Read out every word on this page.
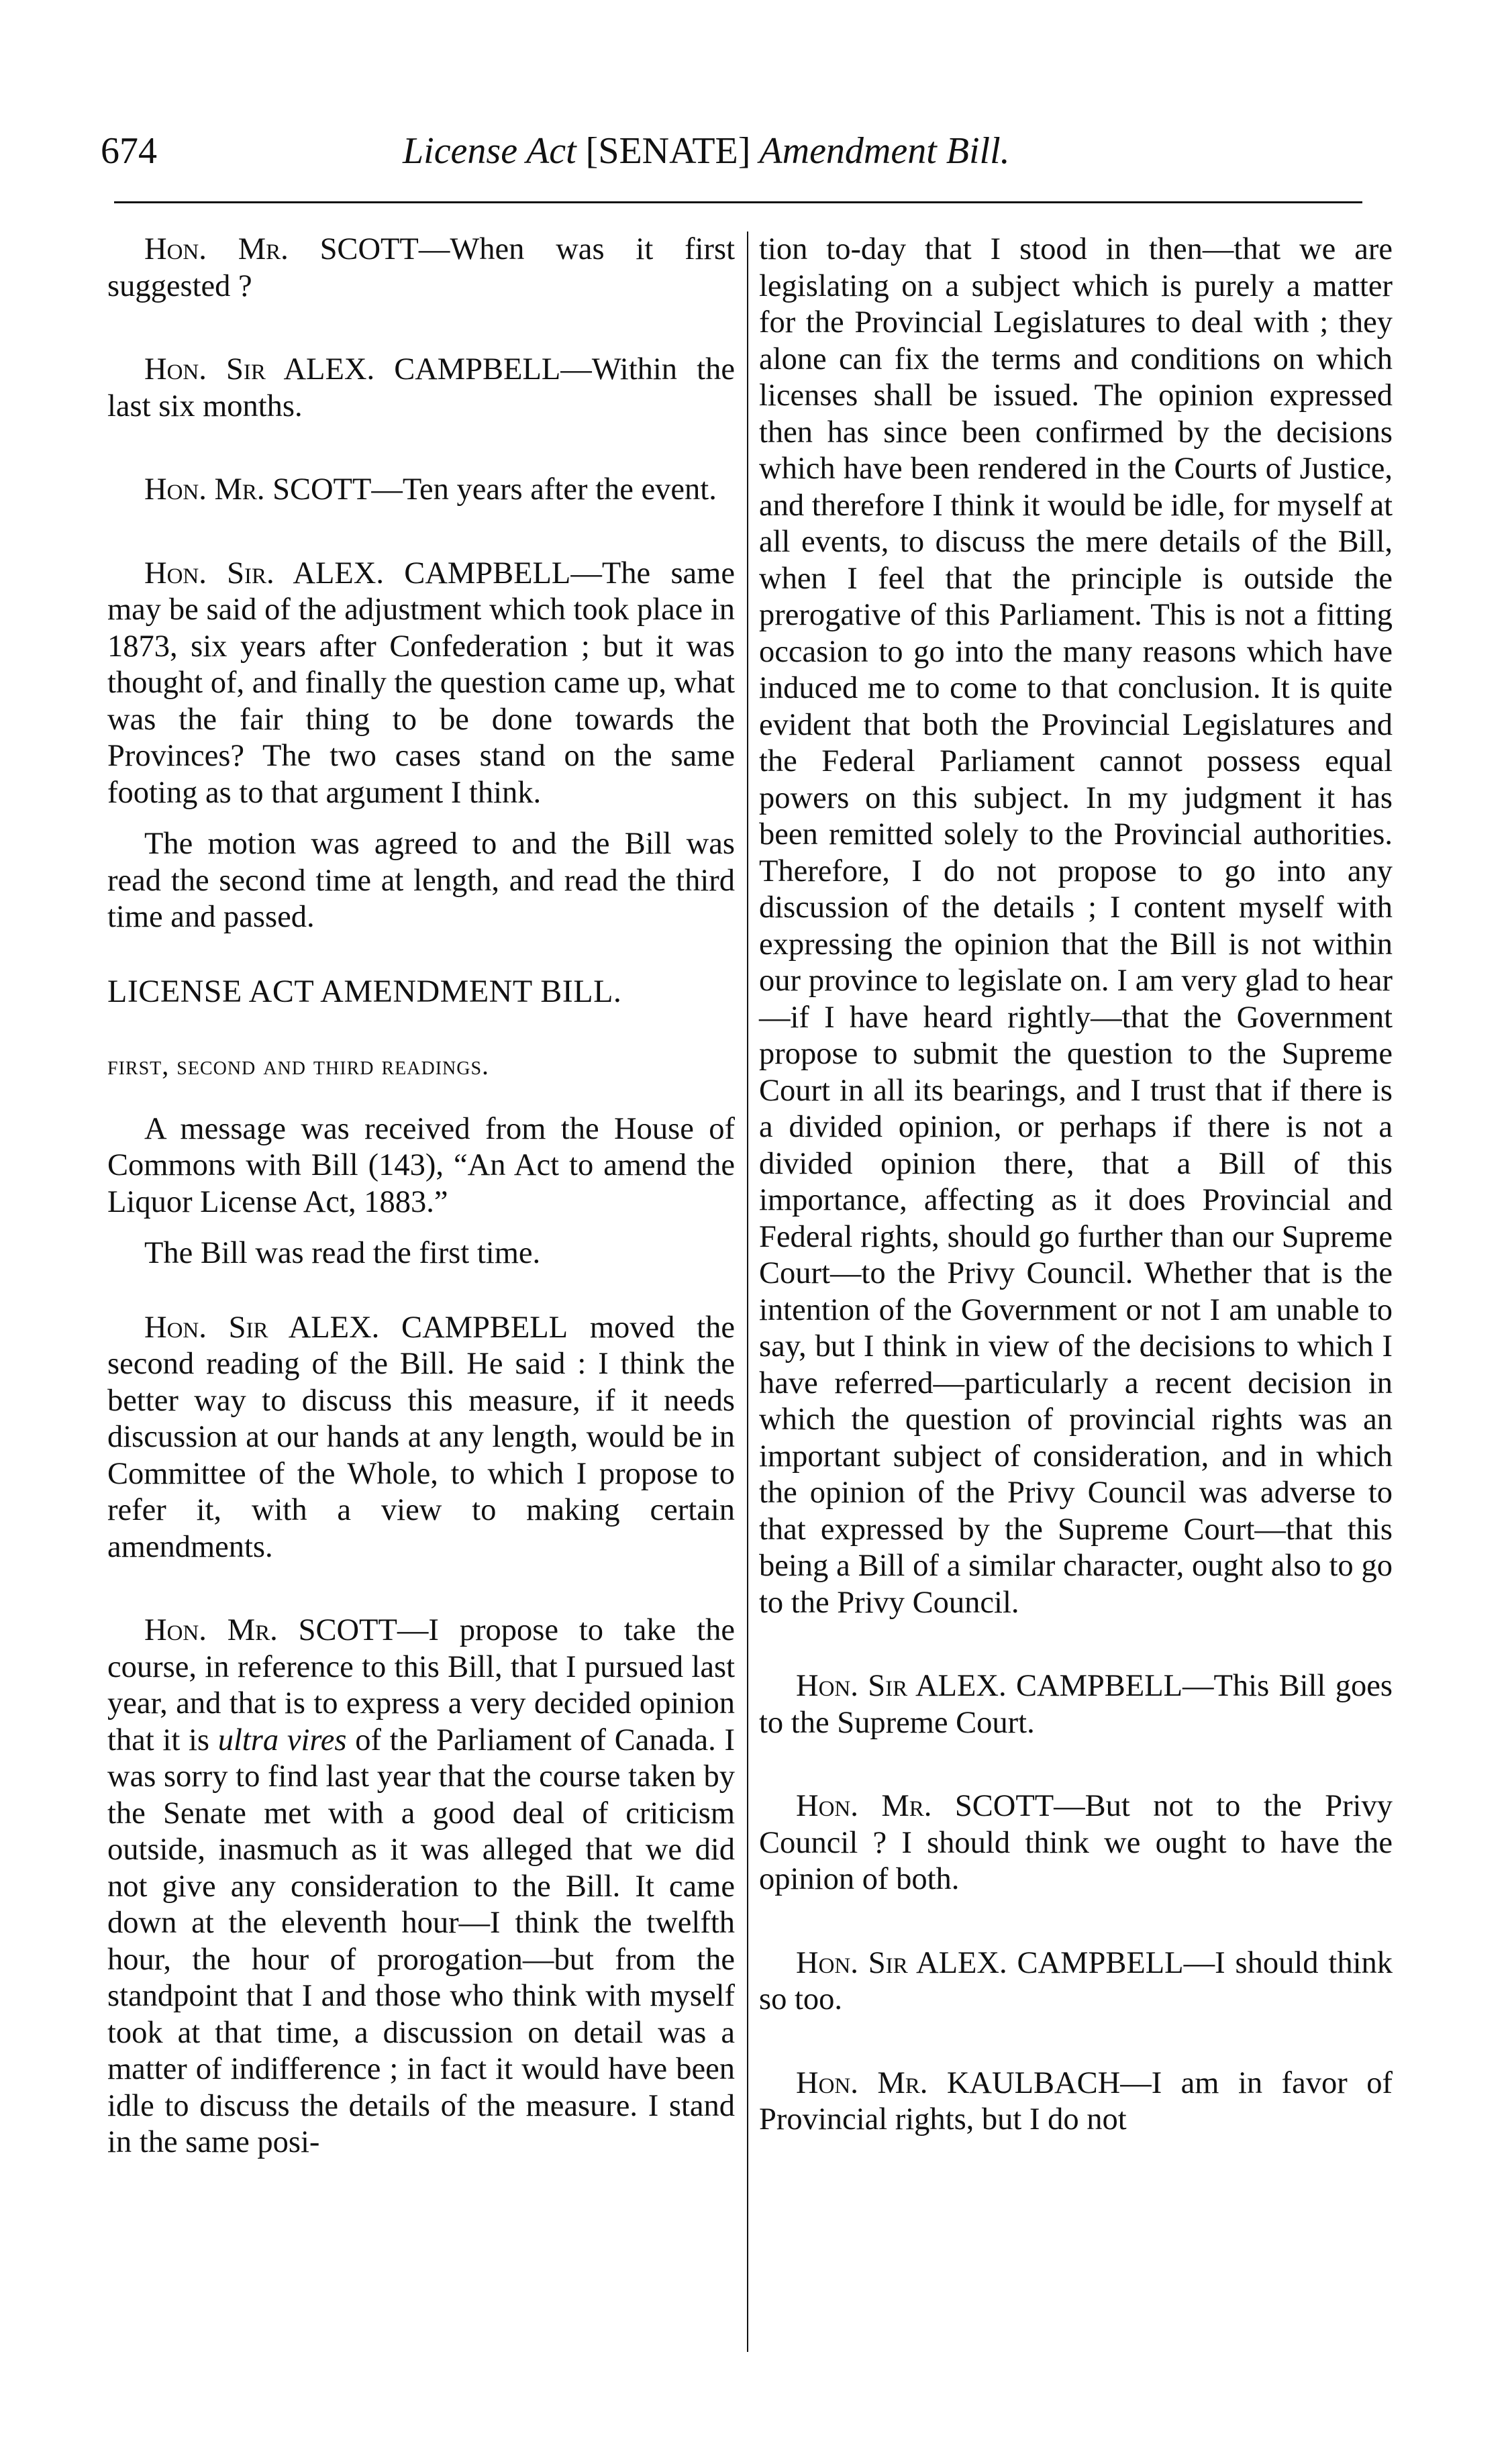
674	License Act [SENATE] Amendment Bill.

Hon. Mr. SCOTT—When was it first suggested ?

Hon. Sir ALEX. CAMPBELL—Within the last six months.

Hon. Mr. SCOTT—Ten years after the event.

Hon. Sir. ALEX. CAMPBELL—The same may be said of the adjustment which took place in 1873, six years after Confederation ; but it was thought of, and finally the question came up, what was the fair thing to be done towards the Provinces? The two cases stand on the same footing as to that argument I think.

The motion was agreed to and the Bill was read the second time at length, and read the third time and passed.

LICENSE ACT AMENDMENT BILL.

first, second and third readings.

A message was received from the House of Commons with Bill (143), “An Act to amend the Liquor License Act, 1883.”

The Bill was read the first time.

Hon. Sir ALEX. CAMPBELL moved the second reading of the Bill. He said : I think the better way to discuss this measure, if it needs discussion at our hands at any length, would be in Committee of the Whole, to which I propose to refer it, with a view to making certain amendments.

Hon. Mr. SCOTT—I propose to take the course, in reference to this Bill, that I pursued last year, and that is to express a very decided opinion that it is ultra vires of the Parliament of Canada. I was sorry to find last year that the course taken by the Senate met with a good deal of criticism outside, inasmuch as it was alleged that we did not give any consideration to the Bill. It came down at the eleventh hour—I think the twelfth hour, the hour of prorogation—but from the standpoint that I and those who think with myself took at that time, a discussion on detail was a matter of indifference ; in fact it would have been idle to discuss the details of the measure. I stand in the same posi-

tion to-day that I stood in then—that we are legislating on a subject which is purely a matter for the Provincial Legislatures to deal with ; they alone can fix the terms and conditions on which licenses shall be issued. The opinion expressed then has since been confirmed by the decisions which have been rendered in the Courts of Justice, and therefore I think it would be idle, for myself at all events, to discuss the mere details of the Bill, when I feel that the principle is outside the prerogative of this Parliament. This is not a fitting occasion to go into the many reasons which have induced me to come to that conclusion. It is quite evident that both the Provincial Legislatures and the Federal Parliament cannot possess equal powers on this subject. In my judgment it has been remitted solely to the Provincial authorities. Therefore, I do not propose to go into any discussion of the details ; I content myself with expressing the opinion that the Bill is not within our province to legislate on. I am very glad to hear—if I have heard rightly—that the Government propose to submit the question to the Supreme Court in all its bearings, and I trust that if there is a divided opinion, or perhaps if there is not a divided opinion there, that a Bill of this importance, affecting as it does Provincial and Federal rights, should go further than our Supreme Court—to the Privy Council. Whether that is the intention of the Government or not I am unable to say, but I think in view of the decisions to which I have referred—particularly a recent decision in which the question of provincial rights was an important subject of consideration, and in which the opinion of the Privy Council was adverse to that expressed by the Supreme Court—that this being a Bill of a similar character, ought also to go to the Privy Council.

Hon. Sir ALEX. CAMPBELL—This Bill goes to the Supreme Court.

Hon. Mr. SCOTT—But not to the Privy Council ? I should think we ought to have the opinion of both.

Hon. Sir ALEX. CAMPBELL—I should think so too.

Hon. Mr. KAULBACH—I am in favor of Provincial rights, but I do not
